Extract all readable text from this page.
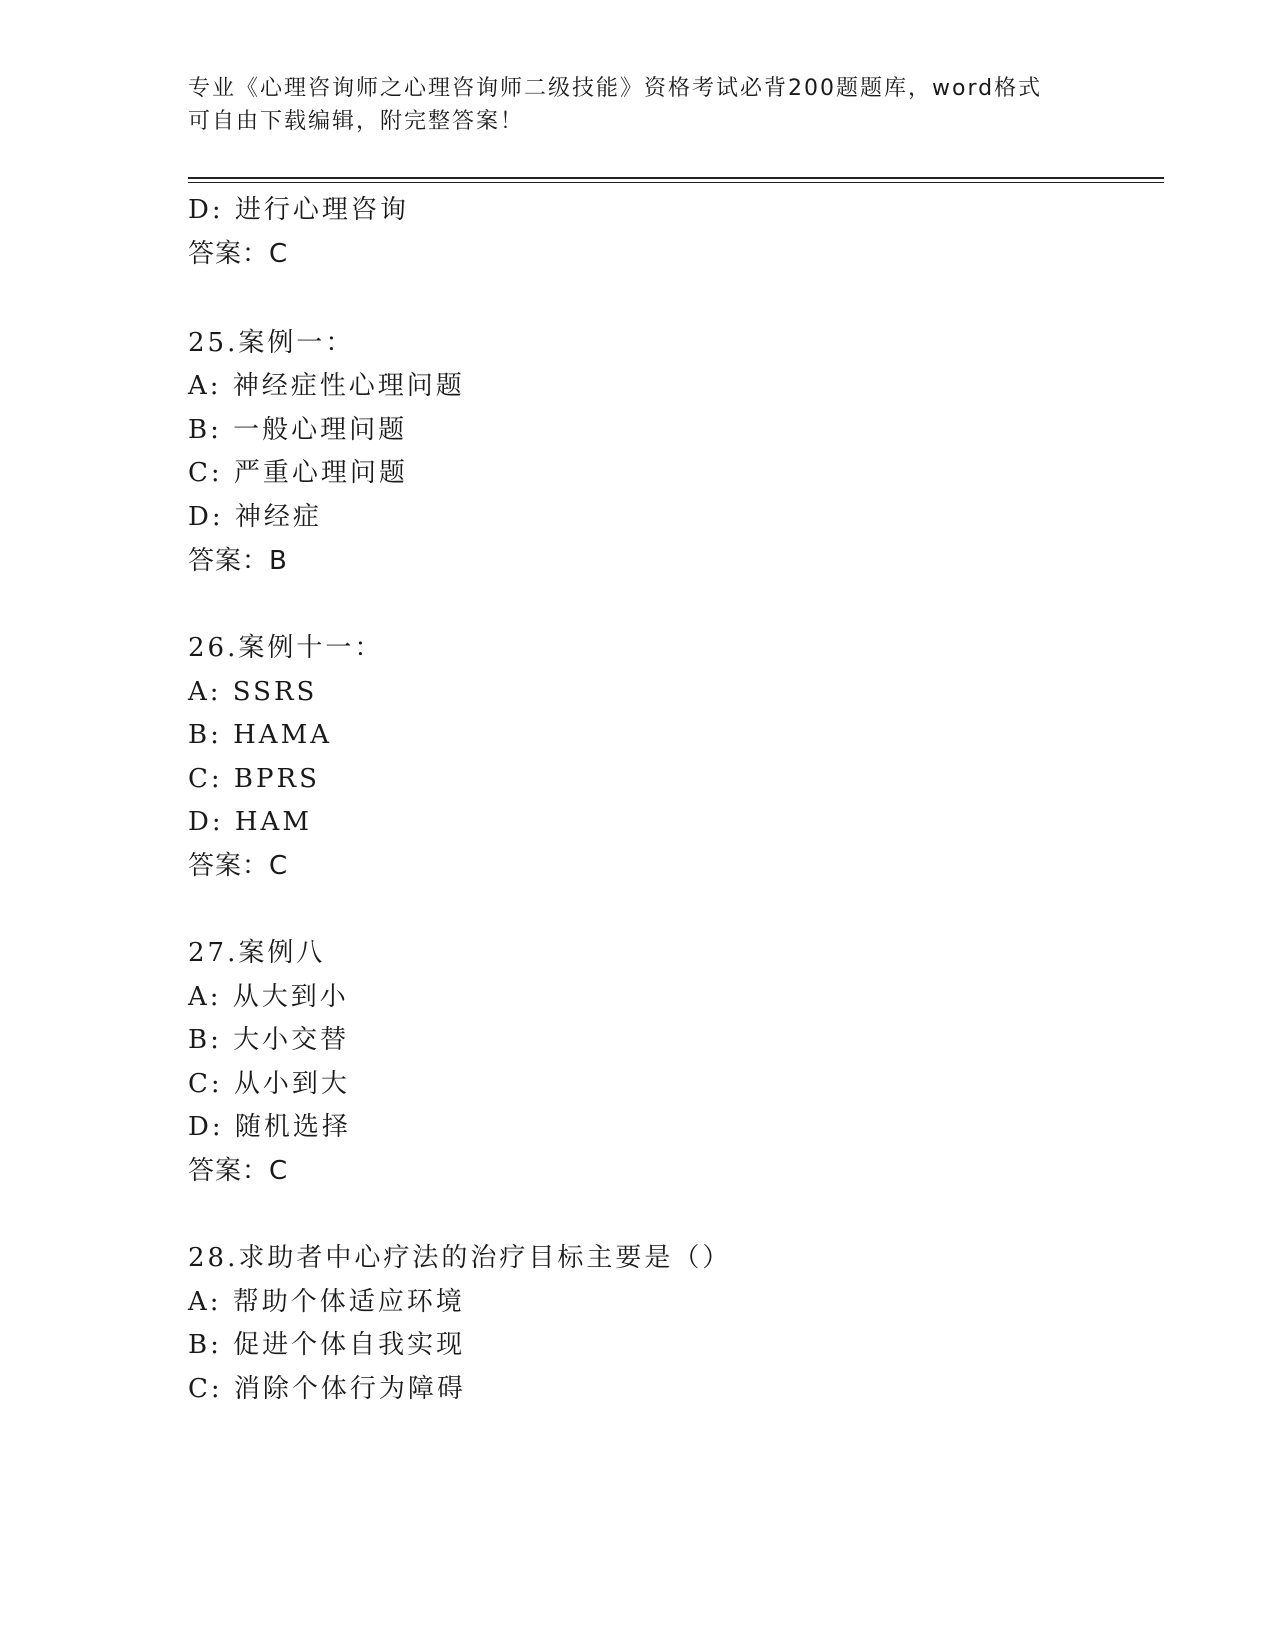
专业《心理咨询师之心理咨询师二级技能》资格考试必背200题题库，word格式
可自由下载编辑，附完整答案！
D: 进行心理咨询
答案：C
25.案例一：
A: 神经症性心理问题
B: 一般心理问题
C: 严重心理问题
D: 神经症
答案：B
26.案例十一：
A: SSRS
B: HAMA
C: BPRS
D: HAM
答案：C
27.案例八
A: 从大到小
B: 大小交替
C: 从小到大
D: 随机选择
答案：C
28.求助者中心疗法的治疗目标主要是（）
A: 帮助个体适应环境
B: 促进个体自我实现
C: 消除个体行为障碍
